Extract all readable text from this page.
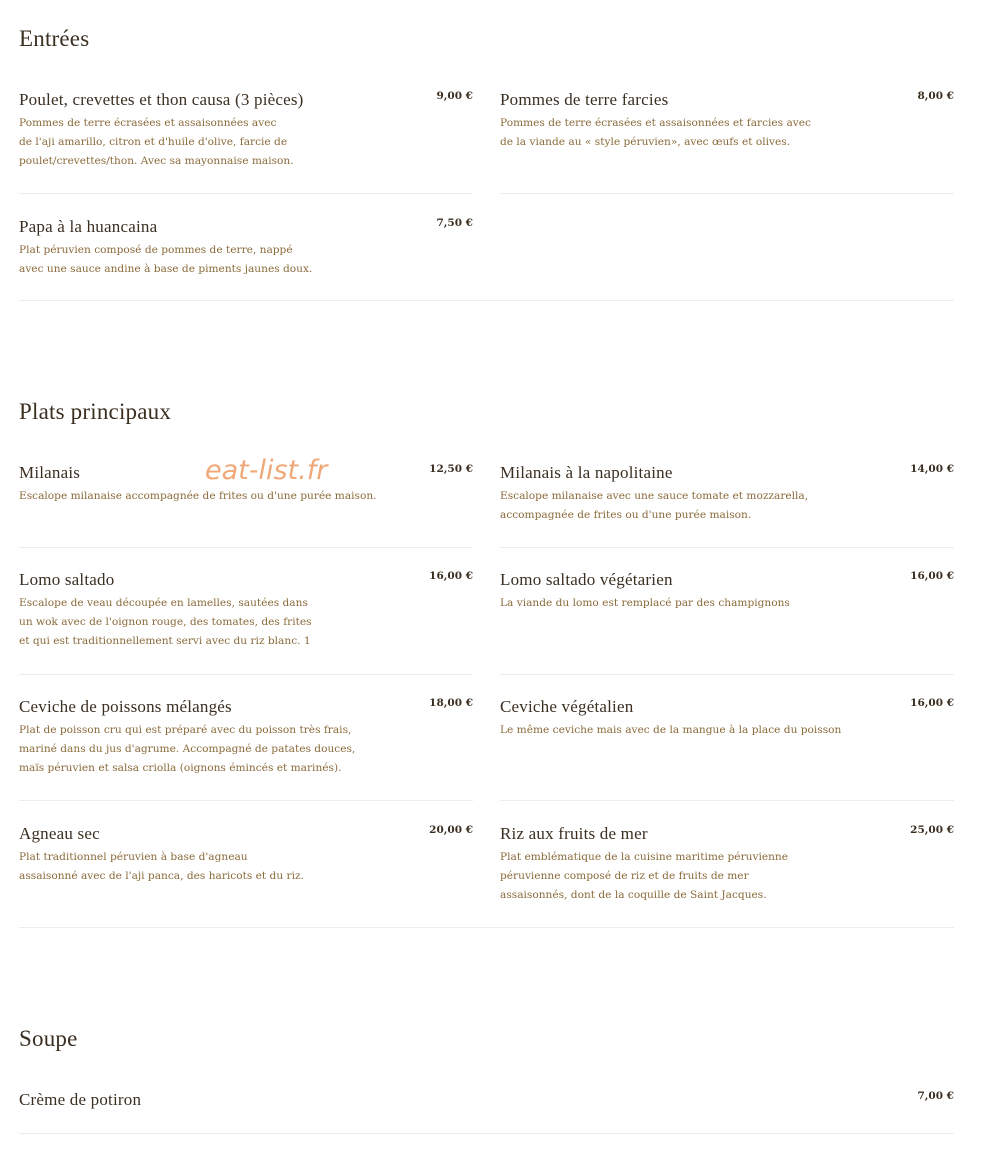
Entrées
Poulet, crevettes et thon causa (3 pièces)	9,00 €
Pommes de terre écrasées et assaisonnées avec
de l'aji amarillo, citron et d'huile d'olive, farcie de
poulet/crevettes/thon. Avec sa mayonnaise maison.
Pommes de terre farcies	8,00 €
Pommes de terre écrasées et assaisonnées et farcies avec
de la viande au « style péruvien», avec œufs et olives.
Papa à la huancaina	7,50 €
Plat péruvien composé de pommes de terre, nappé
avec une sauce andine à base de piments jaunes doux.
Plats principaux
Milanais	12,50 €
Escalope milanaise accompagnée de frites ou d'une purée maison.
Milanais à la napolitaine	14,00 €
Escalope milanaise avec une sauce tomate et mozzarella,
accompagnée de frites ou d'une purée maison.
Lomo saltado	16,00 €
Escalope de veau découpée en lamelles, sautées dans
un wok avec de l'oignon rouge, des tomates, des frites
et qui est traditionnellement servi avec du riz blanc. 1
Lomo saltado végétarien	16,00 €
La viande du lomo est remplacé par des champignons
Ceviche de poissons mélangés	18,00 €
Plat de poisson cru qui est préparé avec du poisson très frais,
mariné dans du jus d'agrume. Accompagné de patates douces,
maïs péruvien et salsa criolla (oignons émincés et marinés).
Ceviche végétalien	16,00 €
Le même ceviche mais avec de la mangue à la place du poisson
Agneau sec	20,00 €
Plat traditionnel péruvien à base d'agneau
assaisonné avec de l'aji panca, des haricots et du riz.
Riz aux fruits de mer	25,00 €
Plat emblématique de la cuisine maritime péruvienne
péruvienne composé de riz et de fruits de mer
assaisonnés, dont de la coquille de Saint Jacques.
Soupe
Crème de potiron	7,00 €
eat-list.fr
